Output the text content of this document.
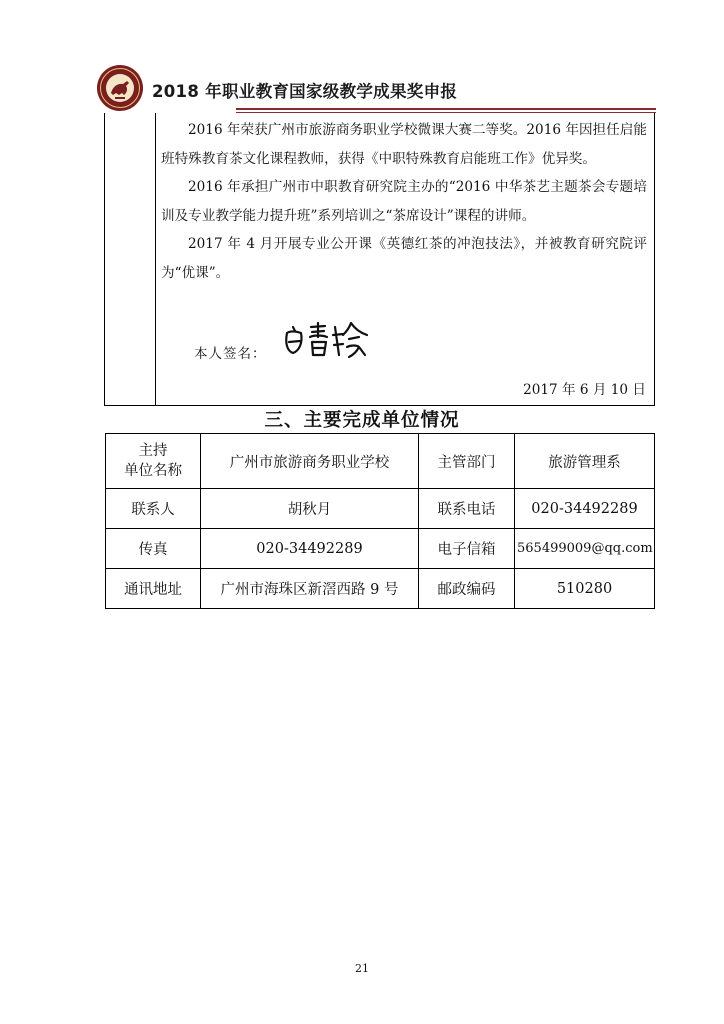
2018 年职业教育国家级教学成果奖申报

2016 年荣获广州市旅游商务职业学校微课大赛二等奖。2016 年因担任启能班特殊教育茶文化课程教师，获得《中职特殊教育启能班工作》优异奖。

2016 年承担广州市中职教育研究院主办的“2016 中华茶艺主题茶会专题培训及专业教学能力提升班”系列培训之“茶席设计”课程的讲师。

2017 年 4 月开展专业公开课《英德红茶的冲泡技法》，并被教育研究院评为“优课”。

本人签名：
2017 年 6 月 10 日
三、主要完成单位情况
主持
单位名称	广州市旅游商务职业学校	主管部门	旅游管理系
联系人	胡秋月	联系电话	020-34492289
传真	020-34492289	电子信箱	565499009@qq.com
通讯地址	广州市海珠区新滘西路 9 号	邮政编码	510280
21
